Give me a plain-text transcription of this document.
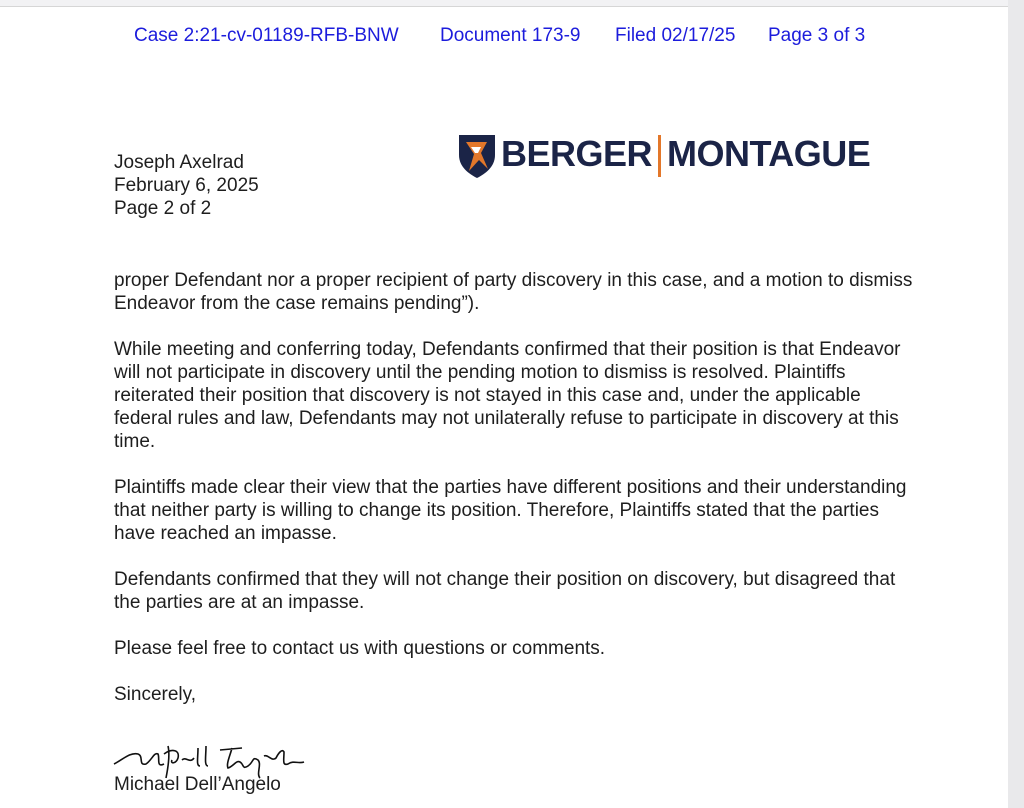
Case 2:21-cv-01189-RFB-BNW Document 173-9 Filed 02/17/25 Page 3 of 3
Joseph Axelrad
February 6, 2025
Page 2 of 2
BERGER MONTAGUE

proper Defendant nor a proper recipient of party discovery in this case, and a motion to dismiss Endeavor from the case remains pending”).

While meeting and conferring today, Defendants confirmed that their position is that Endeavor will not participate in discovery until the pending motion to dismiss is resolved. Plaintiffs reiterated their position that discovery is not stayed in this case and, under the applicable federal rules and law, Defendants may not unilaterally refuse to participate in discovery at this time.

Plaintiffs made clear their view that the parties have different positions and their understanding that neither party is willing to change its position. Therefore, Plaintiffs stated that the parties have reached an impasse.

Defendants confirmed that they will not change their position on discovery, but disagreed that the parties are at an impasse.

Please feel free to contact us with questions or comments.

Sincerely,

Michael Dell’Angelo
